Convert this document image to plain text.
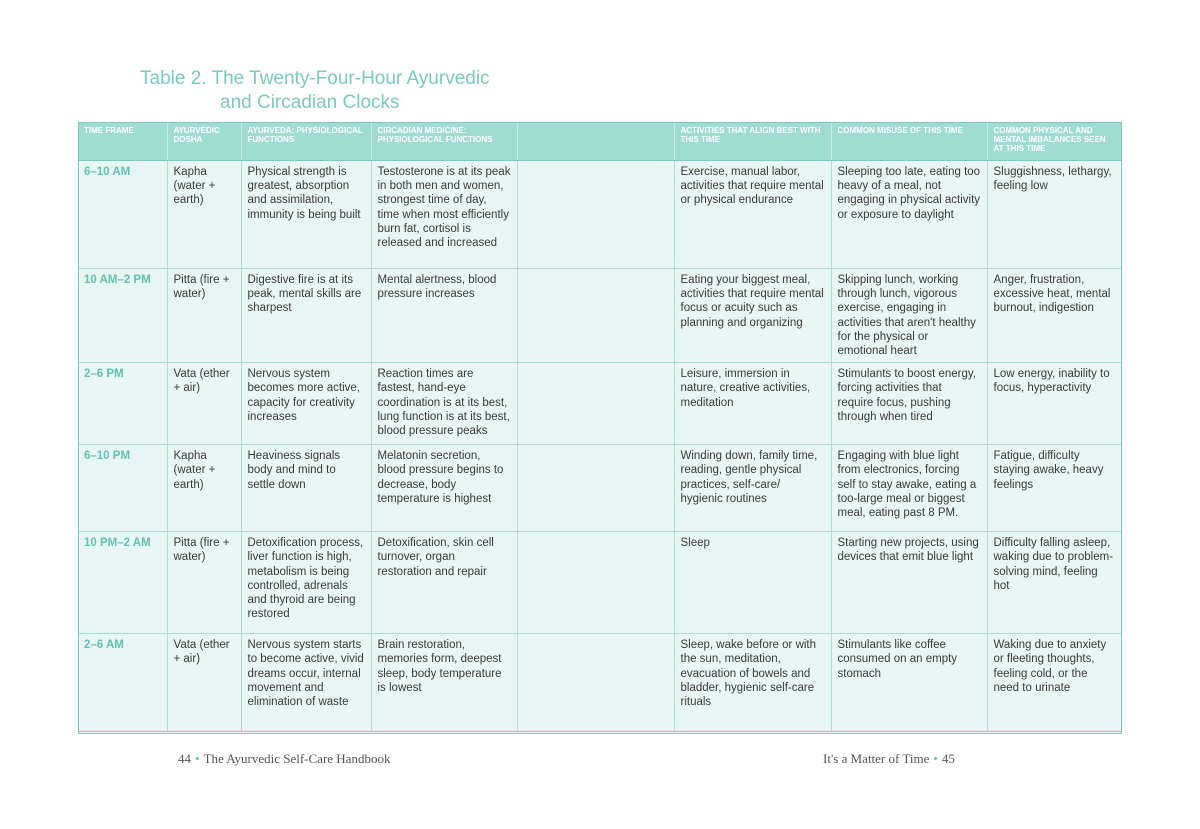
Table 2. The Twenty-Four-Hour Ayurvedic
and Circadian Clocks
TIME FRAME	AYURVEDIC DOSHA	AYURVEDA: PHYSIOLOGICAL FUNCTIONS	CIRCADIAN MEDICINE: PHYSIOLOGICAL FUNCTIONS		ACTIVITIES THAT ALIGN BEST WITH THIS TIME	COMMON MISUSE OF THIS TIME	COMMON PHYSICAL AND MENTAL IMBALANCES SEEN AT THIS TIME
6–10 AM	Kapha (water + earth)	Physical strength is greatest, absorption and assimilation, immunity is being built	Testosterone is at its peak in both men and women, strongest time of day, time when most efficiently burn fat, cortisol is released and increased		Exercise, manual labor, activities that require mental or physical endurance	Sleeping too late, eating too heavy of a meal, not engaging in physical activity or exposure to daylight	Sluggishness, lethargy, feeling low
10 AM–2 PM	Pitta (fire + water)	Digestive fire is at its peak, mental skills are sharpest	Mental alertness, blood pressure increases		Eating your biggest meal, activities that require mental focus or acuity such as planning and organizing	Skipping lunch, working through lunch, vigorous exercise, engaging in activities that aren't healthy for the physical or emotional heart	Anger, frustration, excessive heat, mental burnout, indigestion
2–6 PM	Vata (ether + air)	Nervous system becomes more active, capacity for creativity increases	Reaction times are fastest, hand-eye coordination is at its best, lung function is at its best, blood pressure peaks		Leisure, immersion in nature, creative activities, meditation	Stimulants to boost energy, forcing activities that require focus, pushing through when tired	Low energy, inability to focus, hyperactivity
6–10 PM	Kapha (water + earth)	Heaviness signals body and mind to settle down	Melatonin secretion, blood pressure begins to decrease, body temperature is highest		Winding down, family time, reading, gentle physical practices, self-care/ hygienic routines	Engaging with blue light from electronics, forcing self to stay awake, eating a too-large meal or biggest meal, eating past 8 PM.	Fatigue, difficulty staying awake, heavy feelings
10 PM–2 AM	Pitta (fire + water)	Detoxification process, liver function is high, metabolism is being controlled, adrenals and thyroid are being restored	Detoxification, skin cell turnover, organ restoration and repair		Sleep	Starting new projects, using devices that emit blue light	Difficulty falling asleep, waking due to problem-solving mind, feeling hot
2–6 AM	Vata (ether + air)	Nervous system starts to become active, vivid dreams occur, internal movement and elimination of waste	Brain restoration, memories form, deepest sleep, body temperature is lowest		Sleep, wake before or with the sun, meditation, evacuation of bowels and bladder, hygienic self-care rituals	Stimulants like coffee consumed on an empty stomach	Waking due to anxiety or fleeting thoughts, feeling cold, or the need to urinate
44 • The Ayurvedic Self-Care Handbook	It's a Matter of Time • 45
